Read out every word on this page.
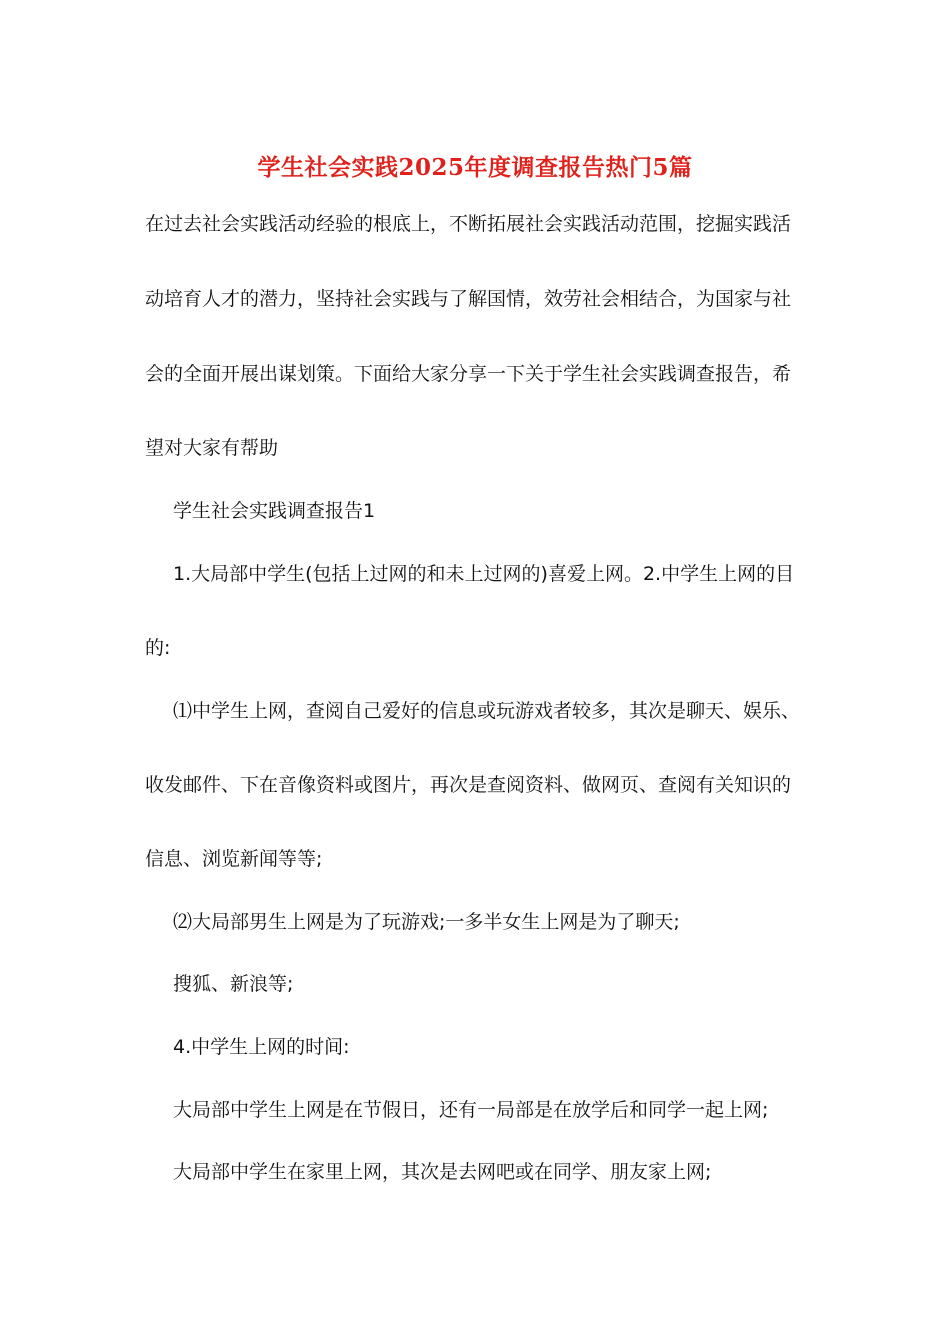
学生社会实践2025年度调查报告热门5篇
在过去社会实践活动经验的根底上，不断拓展社会实践活动范围，挖掘实践活
动培育人才的潜力，坚持社会实践与了解国情，效劳社会相结合，为国家与社
会的全面开展出谋划策。下面给大家分享一下关于学生社会实践调查报告，希
望对大家有帮助
学生社会实践调查报告1
1.大局部中学生(包括上过网的和未上过网的)喜爱上网。2.中学生上网的目
的:
⑴中学生上网，查阅自己爱好的信息或玩游戏者较多，其次是聊天、娱乐、
收发邮件、下在音像资料或图片，再次是查阅资料、做网页、查阅有关知识的
信息、浏览新闻等等;
⑵大局部男生上网是为了玩游戏;一多半女生上网是为了聊天;
搜狐、新浪等;
4.中学生上网的时间:
大局部中学生上网是在节假日，还有一局部是在放学后和同学一起上网;
大局部中学生在家里上网，其次是去网吧或在同学、朋友家上网;
